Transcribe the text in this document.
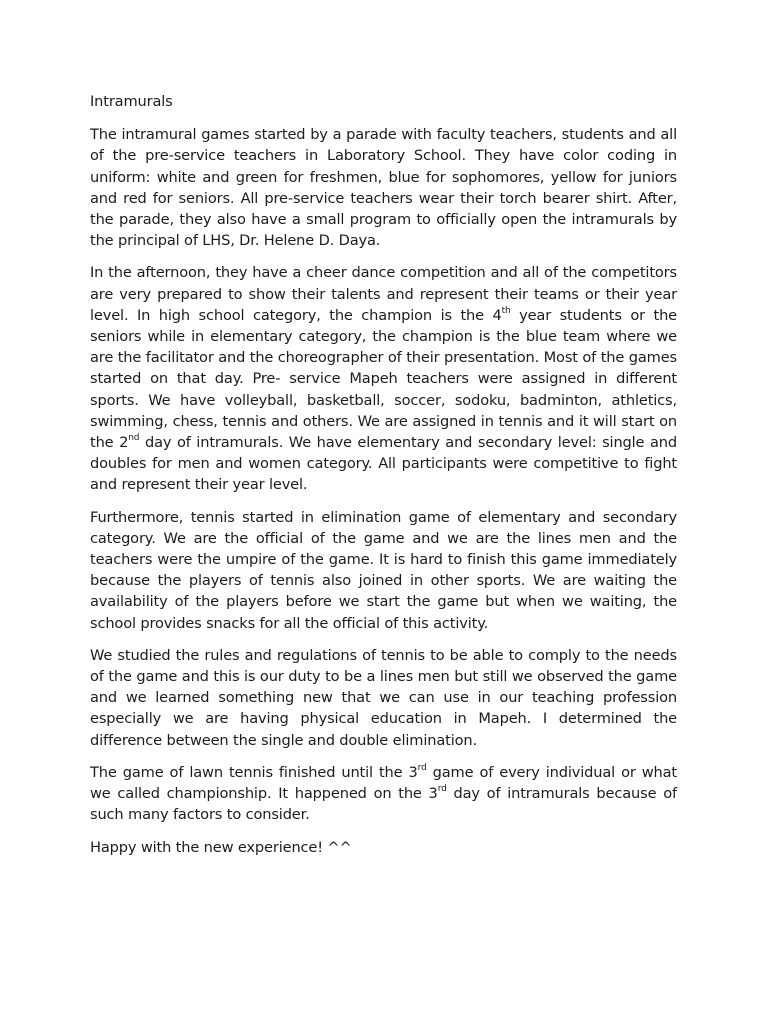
Intramurals

The intramural games started by a parade with faculty teachers, students and all of the pre-service teachers in Laboratory School. They have color coding in uniform: white and green for freshmen, blue for sophomores, yellow for juniors and red for seniors. All pre-service teachers wear their torch bearer shirt. After, the parade, they also have a small program to officially open the intramurals by the principal of LHS, Dr. Helene D. Daya.

In the afternoon, they have a cheer dance competition and all of the competitors are very prepared to show their talents and represent their teams or their year level. In high school category, the champion is the 4th year students or the seniors while in elementary category, the champion is the blue team where we are the facilitator and the choreographer of their presentation. Most of the games started on that day. Pre- service Mapeh teachers were assigned in different sports. We have volleyball, basketball, soccer, sodoku, badminton, athletics, swimming, chess, tennis and others. We are assigned in tennis and it will start on the 2nd day of intramurals. We have elementary and secondary level: single and doubles for men and women category. All participants were competitive to fight and represent their year level.

Furthermore, tennis started in elimination game of elementary and secondary category. We are the official of the game and we are the lines men and the teachers were the umpire of the game. It is hard to finish this game immediately because the players of tennis also joined in other sports. We are waiting the availability of the players before we start the game but when we waiting, the school provides snacks for all the official of this activity.

We studied the rules and regulations of tennis to be able to comply to the needs of the game and this is our duty to be a lines men but still we observed the game and we learned something new that we can use in our teaching profession especially we are having physical education in Mapeh. I determined the difference between the single and double elimination.

The game of lawn tennis finished until the 3rd game of every individual or what we called championship. It happened on the 3rd day of intramurals because of such many factors to consider.

Happy with the new experience! ^^
